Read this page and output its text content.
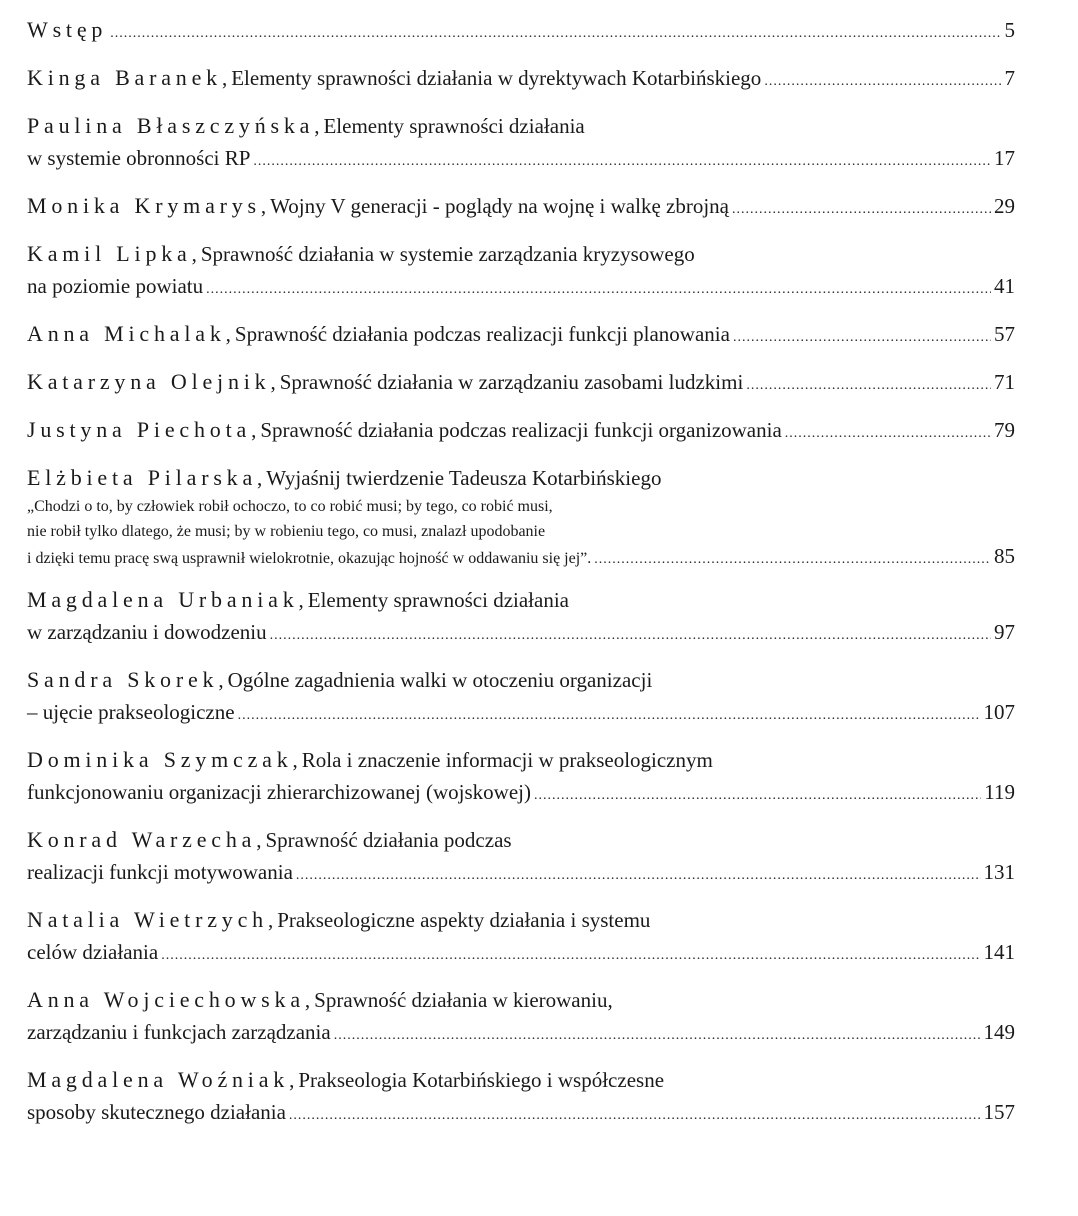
Wstęp .....	5
Kinga Baranek , Elementy sprawności działania w dyrektywach Kotarbińskiego .....	7
Paulina Błaszczyńska , Elementy sprawności działania
w systemie obronności RP .....	17
Monika Krymarys , Wojny V generacji - poglądy na wojnę i walkę zbrojną .....	29
Kamil Lipka , Sprawność działania w systemie zarządzania kryzysowego
na poziomie powiatu .....	41
Anna Michalak , Sprawność działania podczas realizacji funkcji planowania .....	57
Katarzyna Olejnik , Sprawność działania w zarządzaniu zasobami ludzkimi .....	71
Justyna Piechota , Sprawność działania podczas realizacji funkcji organizowania .....	79
Elżbieta Pilarska , Wyjaśnij twierdzenie Tadeusza Kotarbińskiego
„Chodzi o to, by człowiek robił ochoczo, to co robić musi; by tego, co robić musi,
nie robił tylko dlatego, że musi; by w robieniu tego, co musi, znalazł upodobanie
i dzięki temu pracę swą usprawnił wielokrotnie, okazując hojność w oddawaniu się jej”. .....	85
Magdalena Urbaniak , Elementy sprawności działania
w zarządzaniu i dowodzeniu .....	97
Sandra Skorek , Ogólne zagadnienia walki w otoczeniu organizacji
– ujęcie prakseologiczne .....	107
Dominika Szymczak , Rola i znaczenie informacji w prakseologicznym
funkcjonowaniu organizacji zhierarchizowanej (wojskowej) .....	119
Konrad Warzecha , Sprawność działania podczas
realizacji funkcji motywowania .....	131
Natalia Wietrzych , Prakseologiczne aspekty działania i systemu
celów działania .....	141
Anna Wojciechowska , Sprawność działania w kierowaniu,
zarządzaniu i funkcjach zarządzania .....	149
Magdalena Woźniak , Prakseologia Kotarbińskiego i współczesne
sposoby skutecznego działania .....	157
